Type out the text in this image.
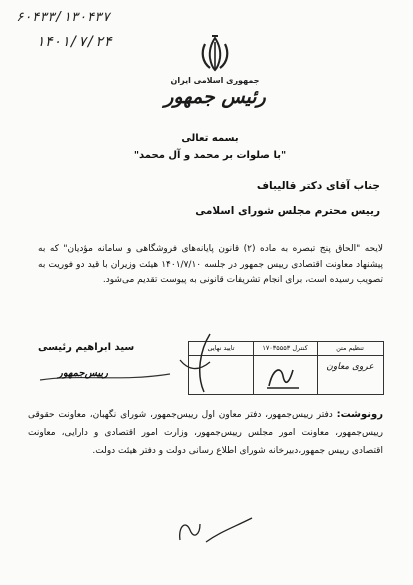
۶۰۴۳۳/۱۳۰۴۳۷
۱۴۰۱/۷/۲۴
جمهوری اسلامی ایران
رئیس جمهور
بسمه تعالی
"با صلوات بر محمد و آل محمد"
جناب آقای دکتر قالیباف
رییس محترم مجلس شورای اسلامی
لایحه "الحاق پنج تبصره به ماده (۲) قانون پایانه‌های فروشگاهی و سامانه مؤدیان" که به پیشنهاد معاونت اقتصادی رییس جمهور در جلسه ۱۴۰۱/۷/۱۰ هیئت وزیران با قید دو فوریت به تصویب رسیده است، برای انجام تشریفات قانونی به پیوست تقدیم می‌شود.
تنظیم متن
کنترل ۱۷۰۳۵۵۵۳
تایید نهایی
عروی معاون
سید ابراهیم رئیسی
رییس‌جمهور
رونوشت: دفتر رییس‌جمهور، دفتر معاون اول رییس‌جمهور، شورای نگهبان، معاونت حقوقی رییس‌جمهور، معاونت امور مجلس رییس‌جمهور، وزارت امور اقتصادی و دارایی، معاونت اقتصادی رییس جمهور،دبیرخانه شورای اطلاع رسانی دولت و دفتر هیئت دولت.
